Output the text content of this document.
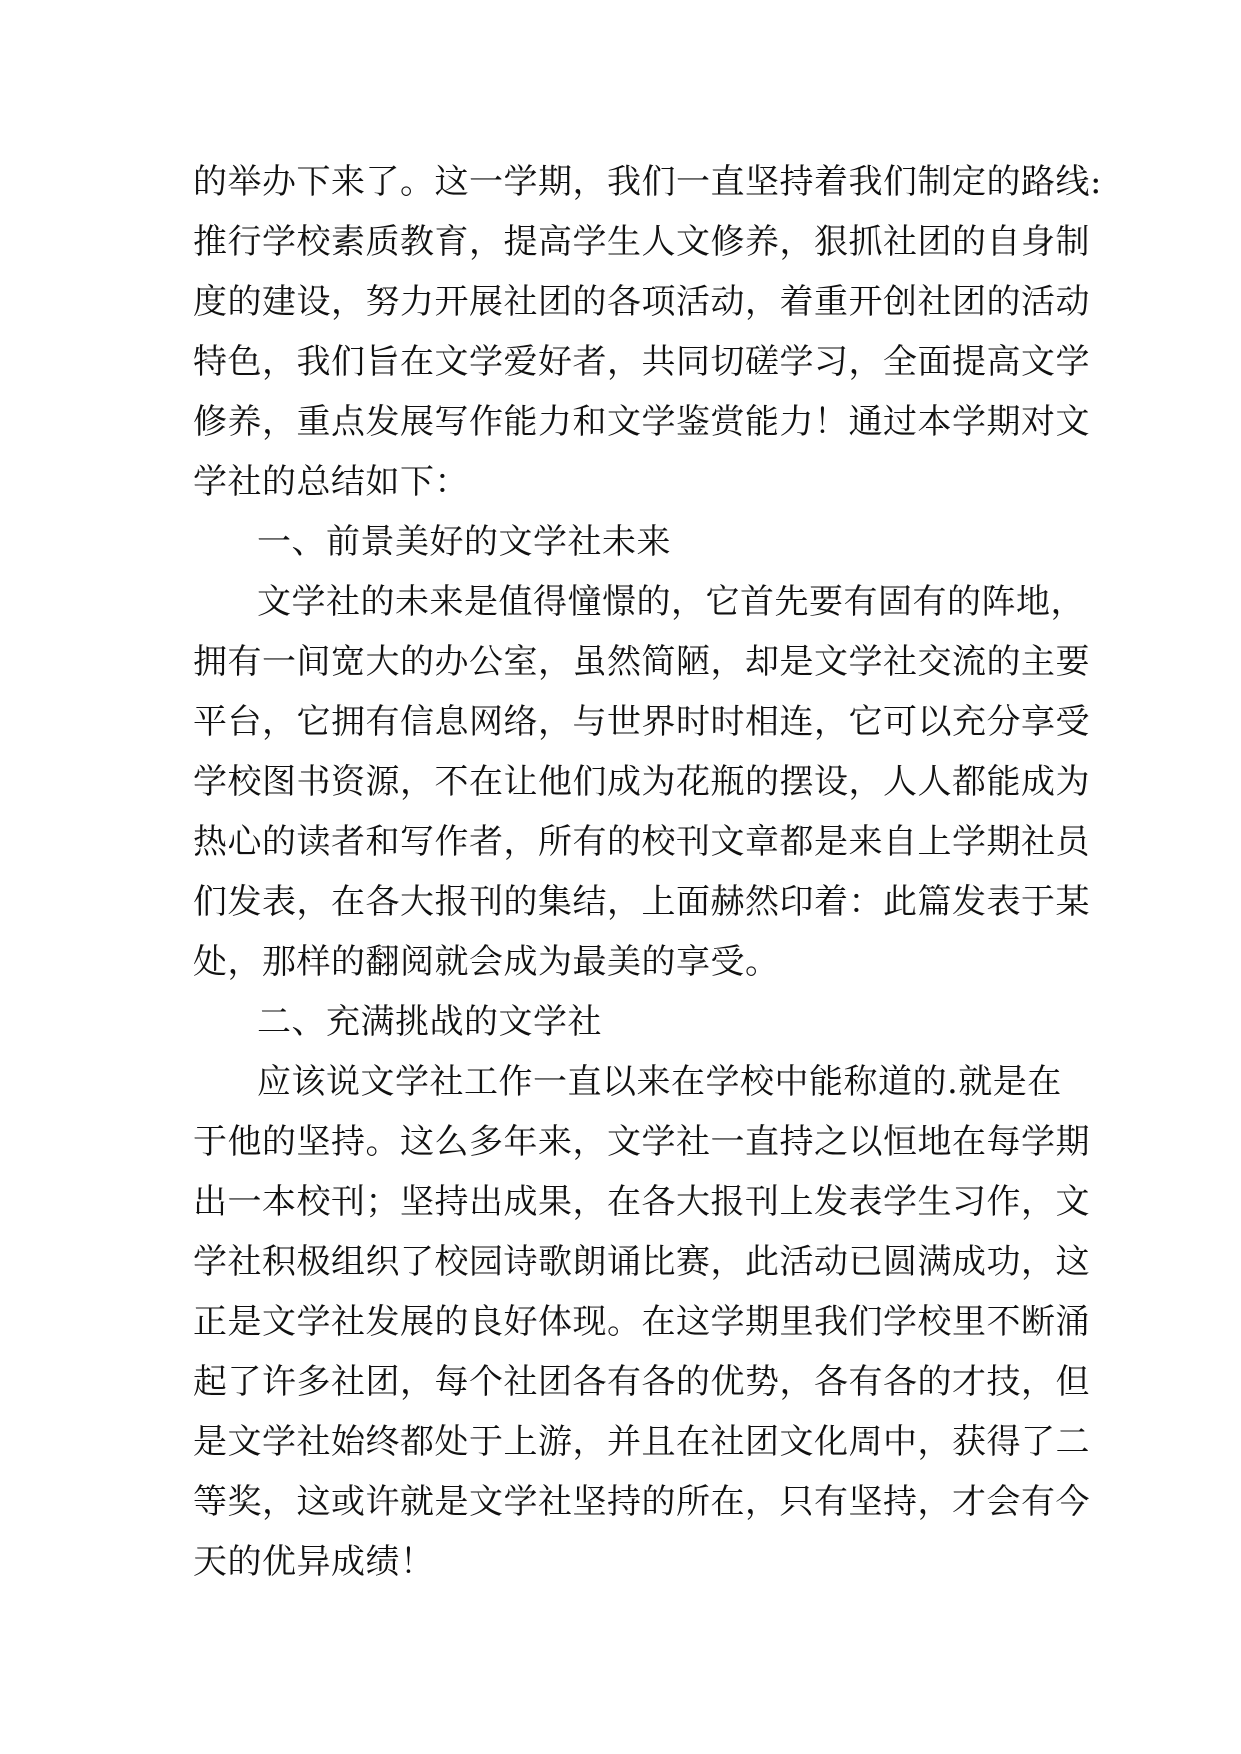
的举办下来了。这一学期，我们一直坚持着我们制定的路线:
推行学校素质教育，提高学生人文修养，狠抓社团的自身制
度的建设，努力开展社团的各项活动，着重开创社团的活动
特色，我们旨在文学爱好者，共同切磋学习，全面提高文学
修养，重点发展写作能力和文学鉴赏能力！通过本学期对文
学社的总结如下：
一、前景美好的文学社未来
文学社的未来是值得憧憬的，它首先要有固有的阵地，
拥有一间宽大的办公室，虽然简陋，却是文学社交流的主要
平台，它拥有信息网络，与世界时时相连，它可以充分享受
学校图书资源，不在让他们成为花瓶的摆设，人人都能成为
热心的读者和写作者，所有的校刊文章都是来自上学期社员
们发表，在各大报刊的集结，上面赫然印着：此篇发表于某
处，那样的翻阅就会成为最美的享受。
二、充满挑战的文学社
应该说文学社工作一直以来在学校中能称道的.就是在
于他的坚持。这么多年来，文学社一直持之以恒地在每学期
出一本校刊；坚持出成果，在各大报刊上发表学生习作，文
学社积极组织了校园诗歌朗诵比赛，此活动已圆满成功，这
正是文学社发展的良好体现。在这学期里我们学校里不断涌
起了许多社团，每个社团各有各的优势，各有各的才技，但
是文学社始终都处于上游，并且在社团文化周中，获得了二
等奖，这或许就是文学社坚持的所在，只有坚持，才会有今
天的优异成绩！
